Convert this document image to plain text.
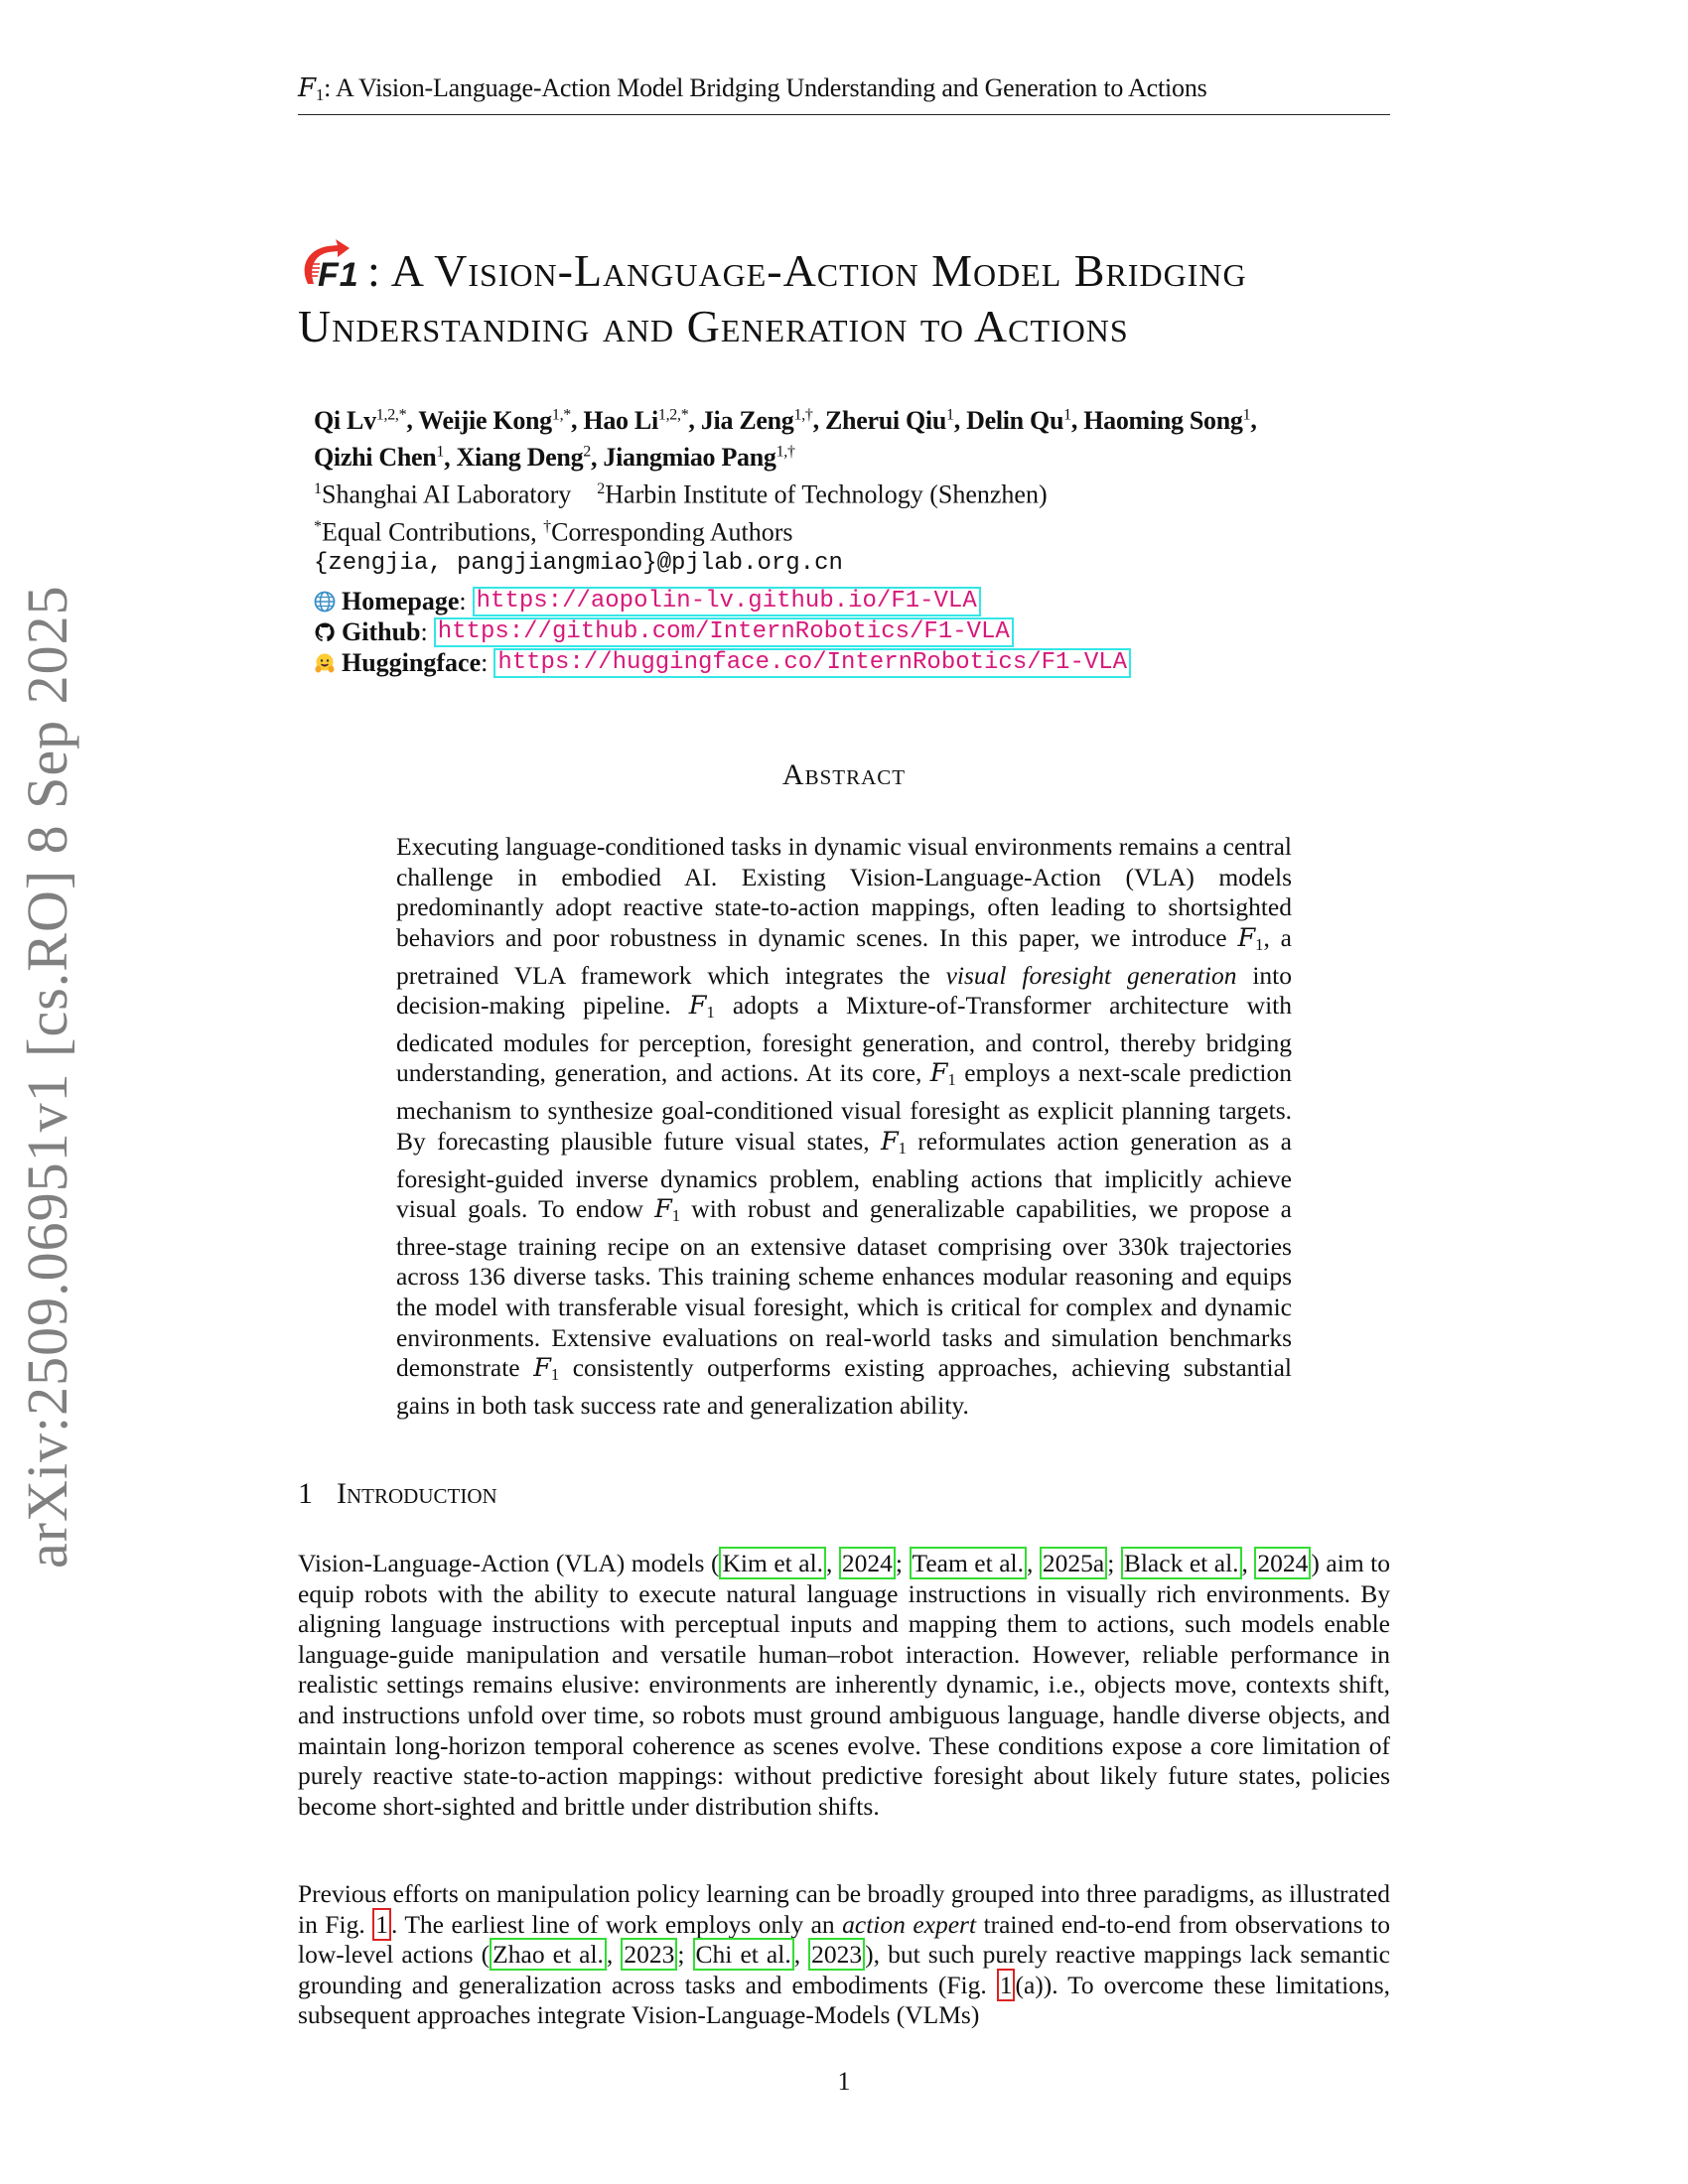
F1: A Vision-Language-Action Model Bridging Understanding and Generation to Actions
arXiv:2509.06951v1 [cs.RO] 8 Sep 2025
F1 : A Vision-Language-Action Model Bridging Understanding and Generation to Actions
Qi $Lv^{1,2,*}$, Weijie Kong$^{1,*}$, Hao $Li^{1,2,*}$, Jia Zeng$^{1,\dagger}$, Zherui Qiu$^1$, Delin Qu$^1$, Haoming Song$^1$,
Qizhi Chen$^1$, Xiang Deng$^2$, Jiangmiao Pang$^{1,\dagger}$
$^1$Shanghai AI Laboratory $^2$Harbin Institute of Technology (Shenzhen)
*Equal Contributions, †Corresponding Authors
{zengjia, pangjiangmiao}@pjlab.org.cn
Homepage : https://aopolin-lv.github.io/F1-VLA
Github : https://github.com/InternRobotics/F1-VLA
Huggingface : https://huggingface.co/InternRobotics/F1-VLA
Abstract
Executing language-conditioned tasks in dynamic visual environments remains a central challenge in embodied AI. Existing Vision-Language-Action (VLA) models predominantly adopt reactive state-to-action mappings, often leading to shortsighted behaviors and poor robustness in dynamic scenes. In this paper, we introduce F1, a pretrained VLA framework which integrates the visual foresight generation into decision-making pipeline. F1 adopts a Mixture-of-Transformer architecture with dedicated modules for perception, foresight generation, and control, thereby bridging understanding, generation, and actions. At its core, F1 employs a next-scale prediction mechanism to synthesize goal-conditioned visual foresight as explicit planning targets. By forecasting plausible future visual states, F1 reformulates action generation as a foresight-guided inverse dynamics problem, enabling actions that implicitly achieve visual goals. To endow F1 with robust and generalizable capabilities, we propose a three-stage training recipe on an extensive dataset comprising over 330k trajectories across 136 diverse tasks. This training scheme enhances modular reasoning and equips the model with transferable visual foresight, which is critical for complex and dynamic environments. Extensive evaluations on real-world tasks and simulation benchmarks demonstrate F1 consistently outperforms existing approaches, achieving substantial gains in both task success rate and generalization ability.
1 Introduction
Vision-Language-Action (VLA) models ( Kim et al. , 2024 ; Team et al. , 2025a ; Black et al. , 2024 ) aim to equip robots with the ability to execute natural language instructions in visually rich environments. By aligning language instructions with perceptual inputs and mapping them to actions, such models enable language-guide manipulation and versatile human–robot interaction. However, reliable performance in realistic settings remains elusive: environments are inherently dynamic, i.e., objects move, contexts shift, and instructions unfold over time, so robots must ground ambiguous language, handle diverse objects, and maintain long-horizon temporal coherence as scenes evolve. These conditions expose a core limitation of purely reactive state-to-action mappings: without predictive foresight about likely future states, policies become short-sighted and brittle under distribution shifts.
Previous efforts on manipulation policy learning can be broadly grouped into three paradigms, as illustrated in Fig. 1 . The earliest line of work employs only an action expert trained end-to-end from observations to low-level actions ( Zhao et al. , 2023 ; Chi et al. , 2023 ), but such purely reactive mappings lack semantic grounding and generalization across tasks and embodiments (Fig. 1 (a)). To overcome these limitations, subsequent approaches integrate Vision-Language-Models (VLMs)
1
